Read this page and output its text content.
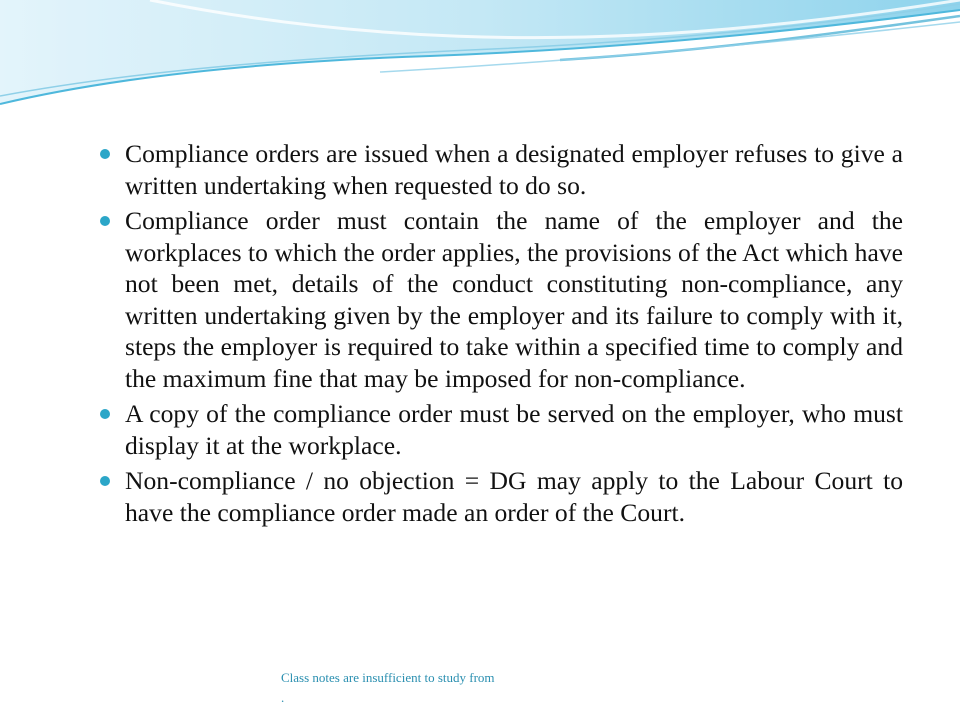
Compliance orders are issued when a designated employer refuses to give a written undertaking when requested to do so.
Compliance order must contain the name of the employer and the workplaces to which the order applies, the provisions of the Act which have not been met, details of the conduct constituting non-compliance, any written undertaking given by the employer and its failure to comply with it, steps the employer is required to take within a specified time to comply and the maximum fine that may be imposed for non-compliance.
A copy of the compliance order must be served on the employer, who must display it at the workplace.
Non-compliance / no objection = DG may apply to the Labour Court to have the compliance order made an order of the Court.
Class notes are insufficient to study from
.
